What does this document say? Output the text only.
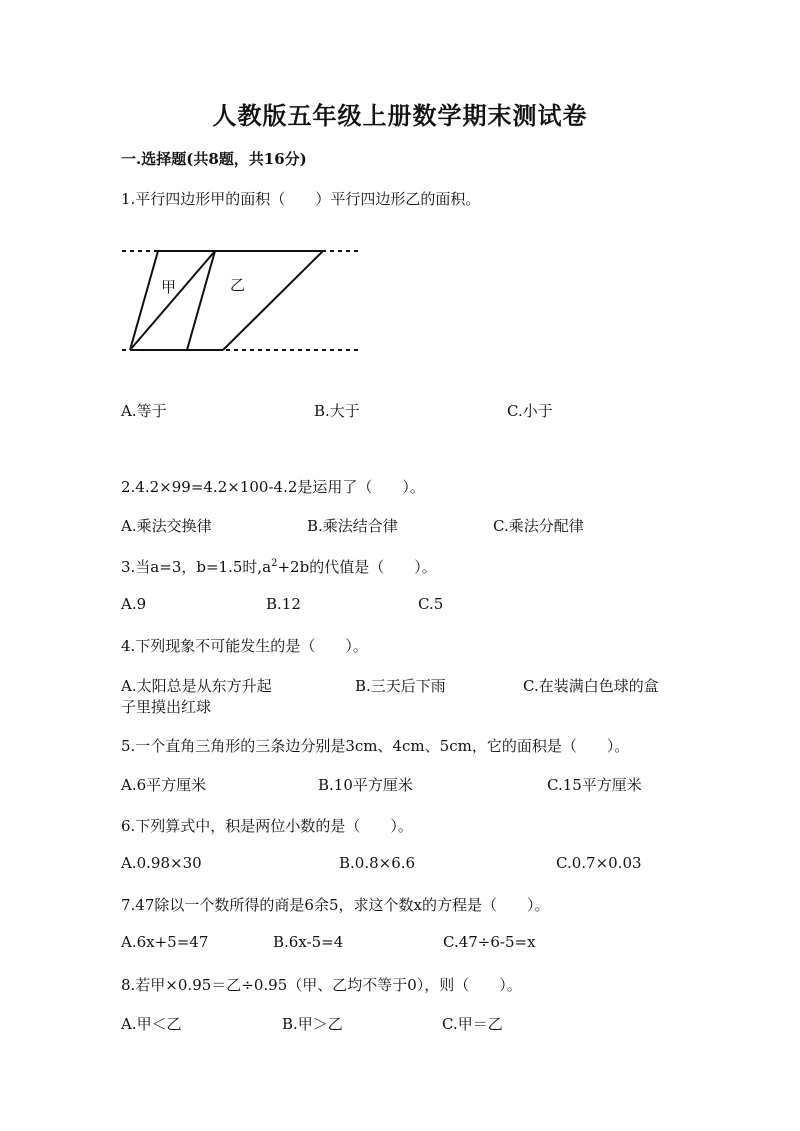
人教版五年级上册数学期末测试卷
一.选择题(共8题，共16分)
1.平行四边形甲的面积（　　）平行四边形乙的面积。
甲	乙
A.等于	B.大于	C.小于
2.4.2×99=4.2×100-4.2是运用了（　　）。
A.乘法交换律	B.乘法结合律	C.乘法分配律
3.当a=3，b=1.5时$,a^2+2b$的代值是（　　）。
A.9	B.12	C.5
4.下列现象不可能发生的是（　　）。
A.太阳总是从东方升起	B.三天后下雨	C.在装满白色球的盒
子里摸出红球
5.一个直角三角形的三条边分别是3cm、4cm、5cm，它的面积是（　　）。
A.6平方厘米	B.10平方厘米	C.15平方厘米
6.下列算式中，积是两位小数的是（　　）。
A.0.98×30	B.0.8×6.6	C.0.7×0.03
7.47除以一个数所得的商是6余5，求这个数x的方程是（　　）。
A.6x+5=47	B.6x-5=4	C.47÷6-5=x
8.若甲×0.95＝乙÷0.95（甲、乙均不等于0），则（　　）。
A.甲＜乙	B.甲＞乙	C.甲＝乙
